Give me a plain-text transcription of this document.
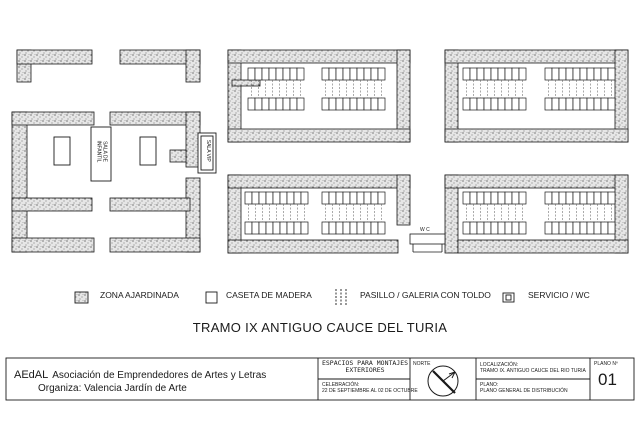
SALA DE INFANTIL	SALA VIP
W C
TRAMO IX ANTIGUO CAUCE DEL TURIA
ZONA AJARDINADA	CASETA DE MADERA	PASILLO / GALERIA CON TOLDO	SERVICIO / WC
AEdAL Asociación de Emprendedores de Artes y Letras
Organiza: Valencia Jardín de Arte
ESPACIOS PARA MONTAJES EXTERIORES
CELEBRACIÓN:
22 DE SEPTIEMBRE AL 02 DE OCTUBRE
NORTE	LOCALIZACIÓN:
TRAMO IX. ANTIGUO CAUCE DEL RIO TURIA
PLANO:
PLANO GENERAL DE DISTRIBUCIÓN
PLANO Nº
01
